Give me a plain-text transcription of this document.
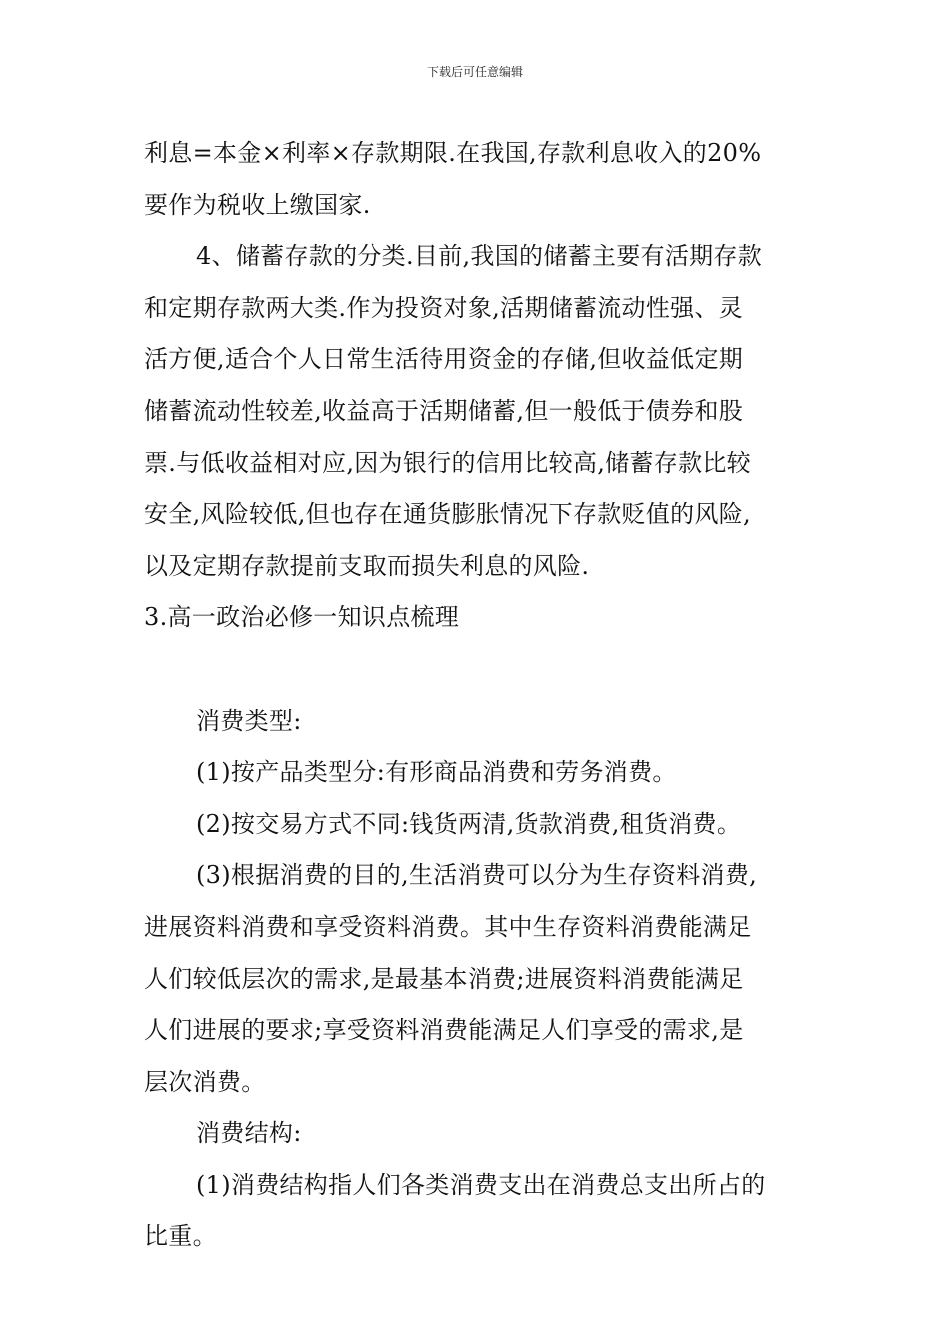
下载后可任意编辑
利息=本金×利率×存款期限.在我国,存款利息收入的20%
要作为税收上缴国家.
4、储蓄存款的分类.目前,我国的储蓄主要有活期存款
和定期存款两大类.作为投资对象,活期储蓄流动性强、灵
活方便,适合个人日常生活待用资金的存储,但收益低定期
储蓄流动性较差,收益高于活期储蓄,但一般低于债券和股
票.与低收益相对应,因为银行的信用比较高,储蓄存款比较
安全,风险较低,但也存在通货膨胀情况下存款贬值的风险,
以及定期存款提前支取而损失利息的风险.
3.高一政治必修一知识点梳理
消费类型:
(1)按产品类型分:有形商品消费和劳务消费。
(2)按交易方式不同:钱货两清,货款消费,租货消费。
(3)根据消费的目的,生活消费可以分为生存资料消费,
进展资料消费和享受资料消费。其中生存资料消费能满足
人们较低层次的需求,是最基本消费;进展资料消费能满足
人们进展的要求;享受资料消费能满足人们享受的需求,是
层次消费。
消费结构:
(1)消费结构指人们各类消费支出在消费总支出所占的
比重。
